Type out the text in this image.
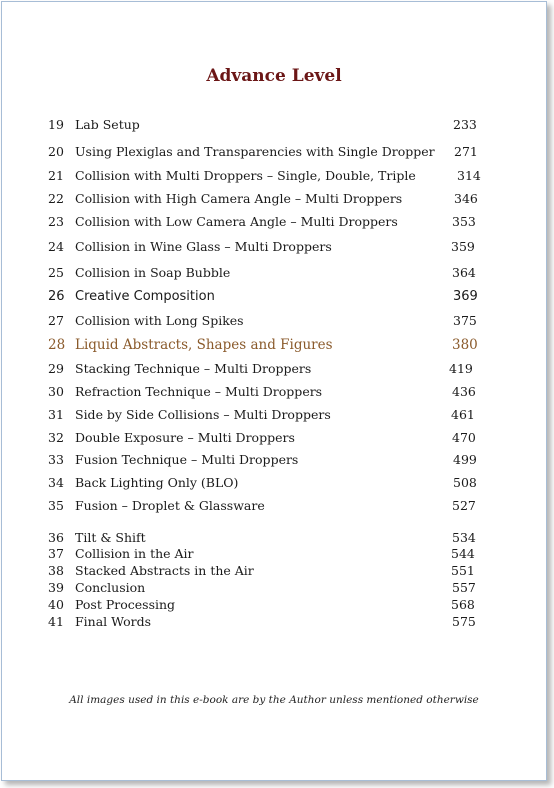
Advance Level
19 Lab Setup	233
20 Using Plexiglas and Transparencies with Single Dropper 271
21 Collision with Multi Droppers – Single, Double, Triple	314
22 Collision with High Camera Angle – Multi Droppers	346
23 Collision with Low Camera Angle – Multi Droppers	353
24 Collision in Wine Glass – Multi Droppers	359
25 Collision in Soap Bubble	364
26 Creative Composition	369
27 Collision with Long Spikes	375
28 Liquid Abstracts, Shapes and Figures	380
29 Stacking Technique – Multi Droppers	419
30 Refraction Technique – Multi Droppers	436
31 Side by Side Collisions – Multi Droppers	461
32 Double Exposure – Multi Droppers	470
33 Fusion Technique – Multi Droppers	499
34 Back Lighting Only (BLO)	508
35 Fusion – Droplet & Glassware	527
36 Tilt & Shift	534
37 Collision in the Air	544
38 Stacked Abstracts in the Air	551
39 Conclusion	557
40 Post Processing	568
41 Final Words	575
All images used in this e-book are by the Author unless mentioned otherwise
